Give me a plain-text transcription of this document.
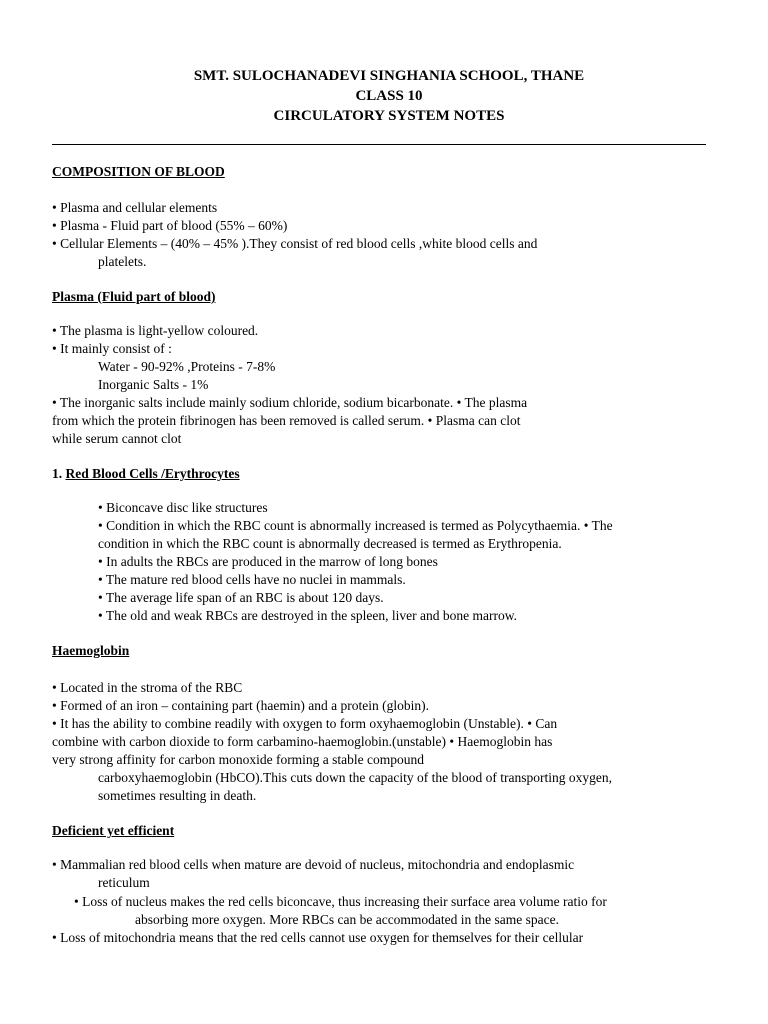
SMT. SULOCHANADEVI SINGHANIA SCHOOL, THANE
CLASS 10
CIRCULATORY SYSTEM NOTES
COMPOSITION OF BLOOD
• Plasma and cellular elements
• Plasma - Fluid part of blood (55% – 60%)
• Cellular Elements – (40% – 45% ).They consist of red blood cells ,white blood cells and
platelets.
Plasma (Fluid part of blood)
• The plasma is light-yellow coloured.
• It mainly consist of :
Water - 90-92% ,Proteins - 7-8%
Inorganic Salts - 1%
• The inorganic salts include mainly sodium chloride, sodium bicarbonate. • The plasma
from which the protein fibrinogen has been removed is called serum. • Plasma can clot
while serum cannot clot
1. Red Blood Cells /Erythrocytes
• Biconcave disc like structures
• Condition in which the RBC count is abnormally increased is termed as Polycythaemia. • The
condition in which the RBC count is abnormally decreased is termed as Erythropenia.
• In adults the RBCs are produced in the marrow of long bones
• The mature red blood cells have no nuclei in mammals.
• The average life span of an RBC is about 120 days.
• The old and weak RBCs are destroyed in the spleen, liver and bone marrow.
Haemoglobin
• Located in the stroma of the RBC
• Formed of an iron – containing part (haemin) and a protein (globin).
• It has the ability to combine readily with oxygen to form oxyhaemoglobin (Unstable). • Can
combine with carbon dioxide to form carbamino-haemoglobin.(unstable) • Haemoglobin has
very strong affinity for carbon monoxide forming a stable compound
carboxyhaemoglobin (HbCO).This cuts down the capacity of the blood of transporting oxygen,
sometimes resulting in death.
Deficient yet efficient
• Mammalian red blood cells when mature are devoid of nucleus, mitochondria and endoplasmic
reticulum
• Loss of nucleus makes the red cells biconcave, thus increasing their surface area volume ratio for
absorbing more oxygen. More RBCs can be accommodated in the same space.
• Loss of mitochondria means that the red cells cannot use oxygen for themselves for their cellular
